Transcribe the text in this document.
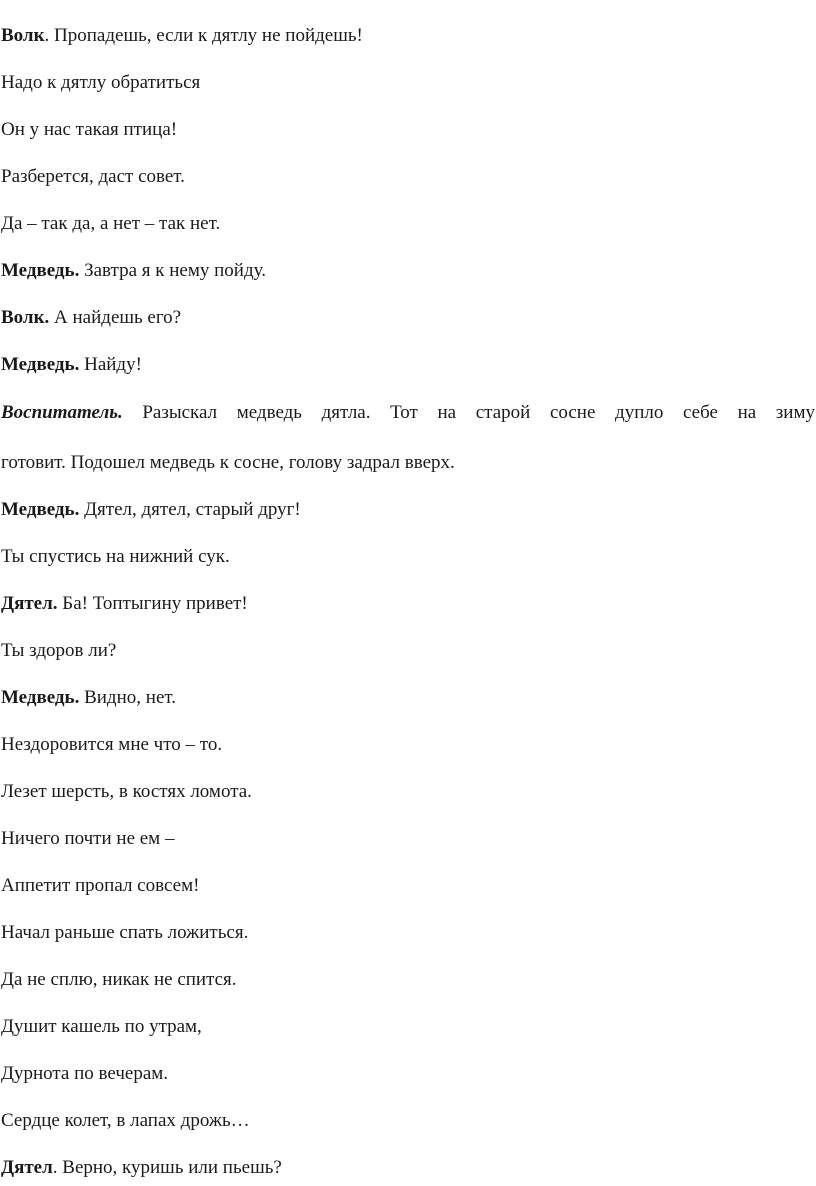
Волк. Пропадешь, если к дятлу не пойдешь!

Надо к дятлу обратиться

Он у нас такая птица!

Разберется, даст совет.

Да – так да, а нет – так нет.

Медведь. Завтра я к нему пойду.

Волк. А найдешь его?

Медведь. Найду!

Воспитатель. Разыскал медведь дятла. Тот на старой сосне дупло себе на зиму

готовит. Подошел медведь к сосне, голову задрал вверх.

Медведь. Дятел, дятел, старый друг!

Ты спустись на нижний сук.

Дятел. Ба! Топтыгину привет!

Ты здоров ли?

Медведь. Видно, нет.

Нездоровится мне что – то.

Лезет шерсть, в костях ломота.

Ничего почти не ем –

Аппетит пропал совсем!

Начал раньше спать ложиться.

Да не сплю, никак не спится.

Душит кашель по утрам,

Дурнота по вечерам.

Сердце колет, в лапах дрожь…

Дятел. Верно, куришь или пьешь?
